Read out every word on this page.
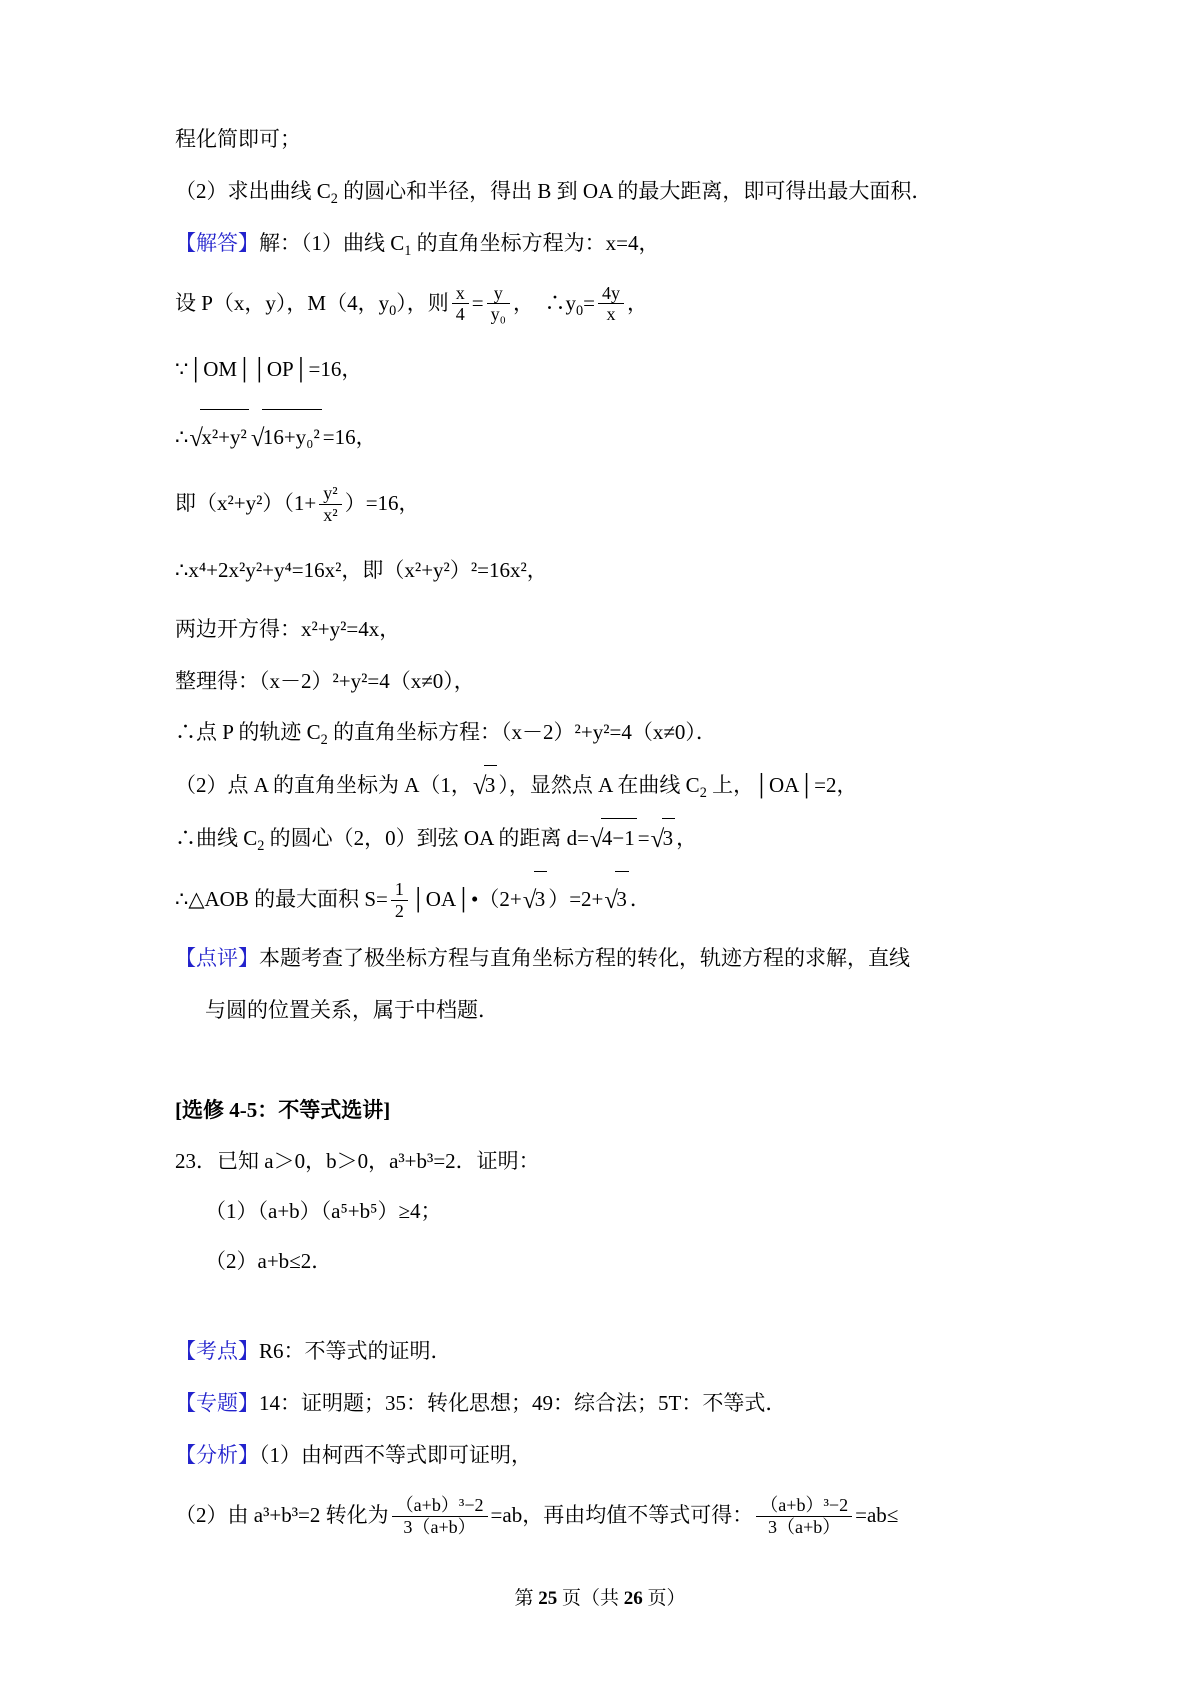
程化简即可；
（2）求出曲线 $C_2$ 的圆心和半径，得出 B 到 OA 的最大距离，即可得出最大面积．
【解答】解：（1）曲线 $C_1$ 的直角坐标方程为：x=4，
设 P（x，y），M（4，$y_0$），则 $\frac{x}{4} = \frac{y}{\text{y₀}}$ ， $\therefore y_0= \frac{4y}{x}$ ，
∵│OM││OP│=16，
∴ √ x²+y² √ 16+y₀² =16，
即$(x^2+y^2)(1+ \frac{\text{y²}}{\text{x²}} )=16$，
∴x⁴+2x²y²+y⁴=16x²，即（x²+y²）²=16x²，
两边开方得：x²+y²=4x，
整理得：（x－2）²+y²=4（x≠0），
∴点 P 的轨迹 $C_2$ 的直角坐标方程：（x－2）²+y²=4（x≠0）．
（2）点 A 的直角坐标为 A（1， √ 3 ），显然点 A 在曲线 $C_2$ 上，│OA│=2，
∴曲线 $C_2$ 的圆心（2，0）到弦 OA 的距离 d= √ 4−1 = √ 3 ，
∴△AOB 的最大面积 $S= \frac{1}{2}$ │OA│•（2+ √ 3 ）=2+ √ 3 ．
【点评】本题考查了极坐标方程与直角坐标方程的转化，轨迹方程的求解，直线
与圆的位置关系，属于中档题．
[选修 4-5：不等式选讲]
23．已知 a＞0，b＞0，a³+b³=2．证明：
（1）（a+b）（a⁵+b⁵）≥4；
（2）a+b≤2．
【考点】R6：不等式的证明．
【专题】14：证明题；35：转化思想；49：综合法；5T：不等式．
【分析】（1）由柯西不等式即可证明，
（2）由 a³+b³=2 转化为 $\frac{\text{（a+b）³−2}}{3(a+b)} =ab$，再由均值不等式可得： $\frac{\text{（a+b）³−2}}{3(a+b)} =ab\le$
第 25 页（共 26 页）
